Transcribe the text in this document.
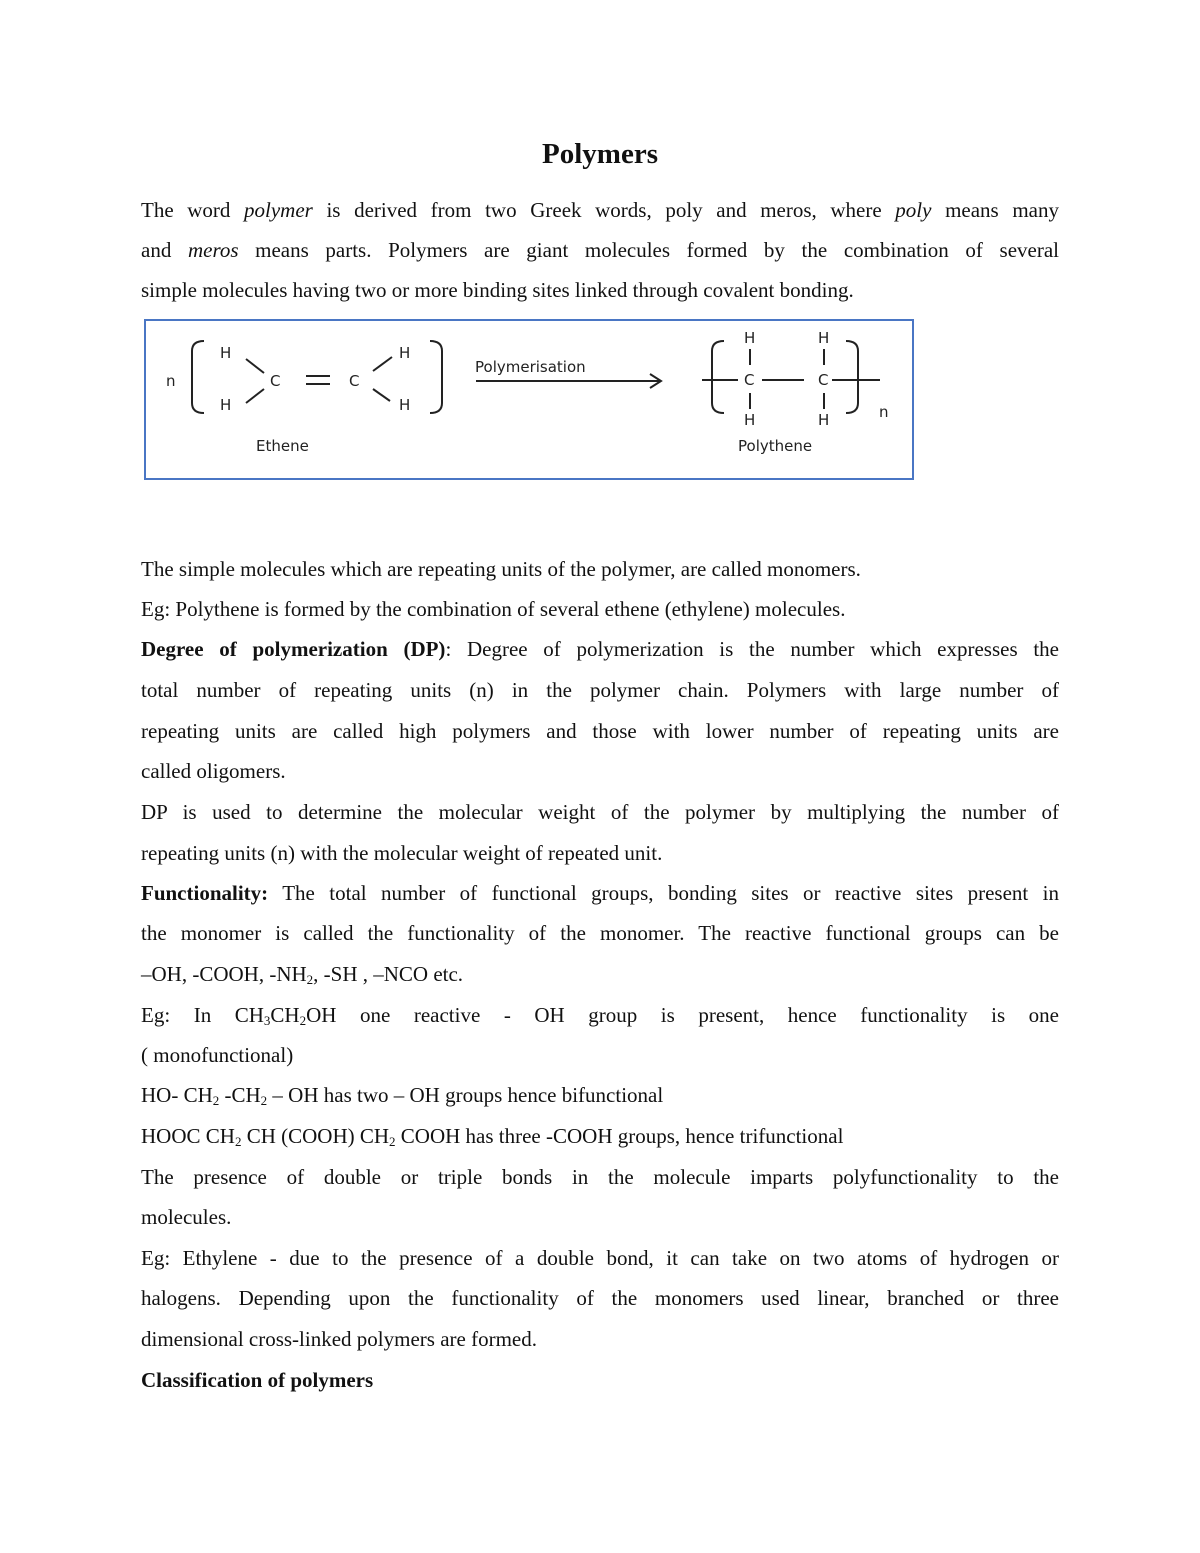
Polymers
The word polymer is derived from two Greek words, poly and meros, where poly means many
and meros means parts. Polymers are giant molecules formed by the combination of several
simple molecules having two or more binding sites linked through covalent bonding.
n
H
H
C	C
H
H
Ethene
Polymerisation
H
C
H
H
C
H	n
Polythene
The simple molecules which are repeating units of the polymer, are called monomers.
Eg: Polythene is formed by the combination of several ethene (ethylene) molecules.
Degree of polymerization (DP): Degree of polymerization is the number which expresses the
total number of repeating units (n) in the polymer chain. Polymers with large number of
repeating units are called high polymers and those with lower number of repeating units are
called oligomers.
DP is used to determine the molecular weight of the polymer by multiplying the number of
repeating units (n) with the molecular weight of repeated unit.
Functionality: The total number of functional groups, bonding sites or reactive sites present in
the monomer is called the functionality of the monomer. The reactive functional groups can be
–OH, -COOH, $-NH_2$, -SH , –NCO etc.
Eg: In $CH_3CH_2OH$ one reactive - OH group is present, hence functionality is one
( monofunctional)
HO- $CH_2$ $-CH_2$ – OH has two – OH groups hence bifunctional
HOOC $CH_2$ CH (COOH) $CH_2$ COOH has three -COOH groups, hence trifunctional
The presence of double or triple bonds in the molecule imparts polyfunctionality to the
molecules.
Eg: Ethylene - due to the presence of a double bond, it can take on two atoms of hydrogen or
halogens. Depending upon the functionality of the monomers used linear, branched or three
dimensional cross-linked polymers are formed.
Classification of polymers
